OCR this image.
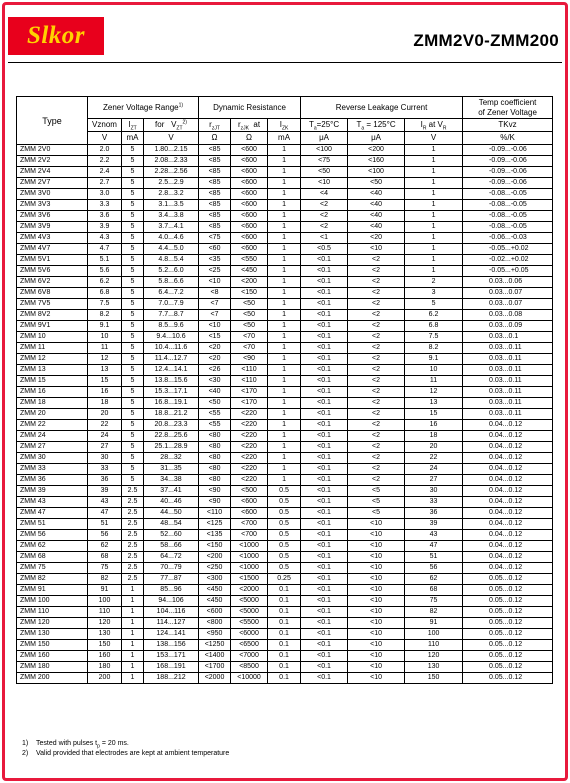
Slkor	ZMM2V0-ZMM200
Type	Zener Voltage Range$^{1)}$			Dynamic Resistance			Reverse Leakage Current			Temp coefficient
of Zener Voltage

	Vznom	$I_{ZT}$	for $V_{ZT}^{2)}$	$r_{zJT}$	$r_{zJK}$ at	$I_{ZK}$	$T_a=25^\circ C$	$T_a = 125^\circ C$	$I_R$ at $V_R$	TKvz
	V	mA	V	Ω	Ω	mA	μA	μA	V	%/K
ZMM 2V0	2.0	5	1.80...2.15	<85	<600	1	<100	<200	1	-0.09...-0.06
ZMM 2V2	2.2	5	2.08...2.33	<85	<600	1	<75	<160	1	-0.09...-0.06
ZMM 2V4	2.4	5	2.28...2.56	<85	<600	1	<50	<100	1	-0.09...-0.06
ZMM 2V7	2.7	5	2.5...2.9	<85	<600	1	<10	<50	1	-0.09...-0.06
ZMM 3V0	3.0	5	2.8...3.2	<85	<600	1	<4	<40	1	-0.08...-0.05
ZMM 3V3	3.3	5	3.1...3.5	<85	<600	1	<2	<40	1	-0.08...-0.05
ZMM 3V6	3.6	5	3.4...3.8	<85	<600	1	<2	<40	1	-0.08...-0.05
ZMM 3V9	3.9	5	3.7...4.1	<85	<600	1	<2	<40	1	-0.08...-0.05
ZMM 4V3	4.3	5	4.0...4.6	<75	<600	1	<1	<20	1	-0.06...-0.03
ZMM 4V7	4.7	5	4.4...5.0	<60	<600	1	<0.5	<10	1	-0.05...+0.02
ZMM 5V1	5.1	5	4.8...5.4	<35	<550	1	<0.1	<2	1	-0.02...+0.02
ZMM 5V6	5.6	5	5.2...6.0	<25	<450	1	<0.1	<2	1	-0.05...+0.05
ZMM 6V2	6.2	5	5.8...6.6	<10	<200	1	<0.1	<2	2	0.03...0.06
ZMM 6V8	6.8	5	6.4...7.2	<8	<150	1	<0.1	<2	3	0.03...0.07
ZMM 7V5	7.5	5	7.0...7.9	<7	<50	1	<0.1	<2	5	0.03...0.07
ZMM 8V2	8.2	5	7.7...8.7	<7	<50	1	<0.1	<2	6.2	0.03...0.08
ZMM 9V1	9.1	5	8.5...9.6	<10	<50	1	<0.1	<2	6.8	0.03...0.09
ZMM 10	10	5	9.4...10.6	<15	<70	1	<0.1	<2	7.5	0.03...0.1
ZMM 11	11	5	10.4...11.6	<20	<70	1	<0.1	<2	8.2	0.03...0.11
ZMM 12	12	5	11.4...12.7	<20	<90	1	<0.1	<2	9.1	0.03...0.11
ZMM 13	13	5	12.4...14.1	<26	<110	1	<0.1	<2	10	0.03...0.11
ZMM 15	15	5	13.8...15.6	<30	<110	1	<0.1	<2	11	0.03...0.11
ZMM 16	16	5	15.3...17.1	<40	<170	1	<0.1	<2	12	0.03...0.11
ZMM 18	18	5	16.8...19.1	<50	<170	1	<0.1	<2	13	0.03...0.11
ZMM 20	20	5	18.8...21.2	<55	<220	1	<0.1	<2	15	0.03...0.11
ZMM 22	22	5	20.8...23.3	<55	<220	1	<0.1	<2	16	0.04...0.12
ZMM 24	24	5	22.8...25.6	<80	<220	1	<0.1	<2	18	0.04...0.12
ZMM 27	27	5	25.1...28.9	<80	<220	1	<0.1	<2	20	0.04...0.12
ZMM 30	30	5	28...32	<80	<220	1	<0.1	<2	22	0.04...0.12
ZMM 33	33	5	31...35	<80	<220	1	<0.1	<2	24	0.04...0.12
ZMM 36	36	5	34...38	<80	<220	1	<0.1	<2	27	0.04...0.12
ZMM 39	39	2.5	37...41	<90	<500	0.5	<0.1	<5	30	0.04...0.12
ZMM 43	43	2.5	40...46	<90	<600	0.5	<0.1	<5	33	0.04...0.12
ZMM 47	47	2.5	44...50	<110	<600	0.5	<0.1	<5	36	0.04...0.12
ZMM 51	51	2.5	48...54	<125	<700	0.5	<0.1	<10	39	0.04...0.12
ZMM 56	56	2.5	52...60	<135	<700	0.5	<0.1	<10	43	0.04...0.12
ZMM 62	62	2.5	58...66	<150	<1000	0.5	<0.1	<10	47	0.04...0.12
ZMM 68	68	2.5	64...72	<200	<1000	0.5	<0.1	<10	51	0.04...0.12
ZMM 75	75	2.5	70...79	<250	<1000	0.5	<0.1	<10	56	0.04...0.12
ZMM 82	82	2.5	77...87	<300	<1500	0.25	<0.1	<10	62	0.05...0.12
ZMM 91	91	1	85...96	<450	<2000	0.1	<0.1	<10	68	0.05...0.12
ZMM 100	100	1	94...106	<450	<5000	0.1	<0.1	<10	75	0.05...0.12
ZMM 110	110	1	104...116	<600	<5000	0.1	<0.1	<10	82	0.05...0.12
ZMM 120	120	1	114...127	<800	<5500	0.1	<0.1	<10	91	0.05...0.12
ZMM 130	130	1	124...141	<950	<6000	0.1	<0.1	<10	100	0.05...0.12
ZMM 150	150	1	138...156	<1250	<6500	0.1	<0.1	<10	110	0.05...0.12
ZMM 160	160	1	153...171	<1400	<7000	0.1	<0.1	<10	120	0.05...0.12
ZMM 180	180	1	168...191	<1700	<8500	0.1	<0.1	<10	130	0.05...0.12
ZMM 200	200	1	188...212	<2000	<10000	0.1	<0.1	<10	150	0.05...0.12
1) Tested with pulses $t_p = 20$ ms.
2) Valid provided that electrodes are kept at ambient temperature
